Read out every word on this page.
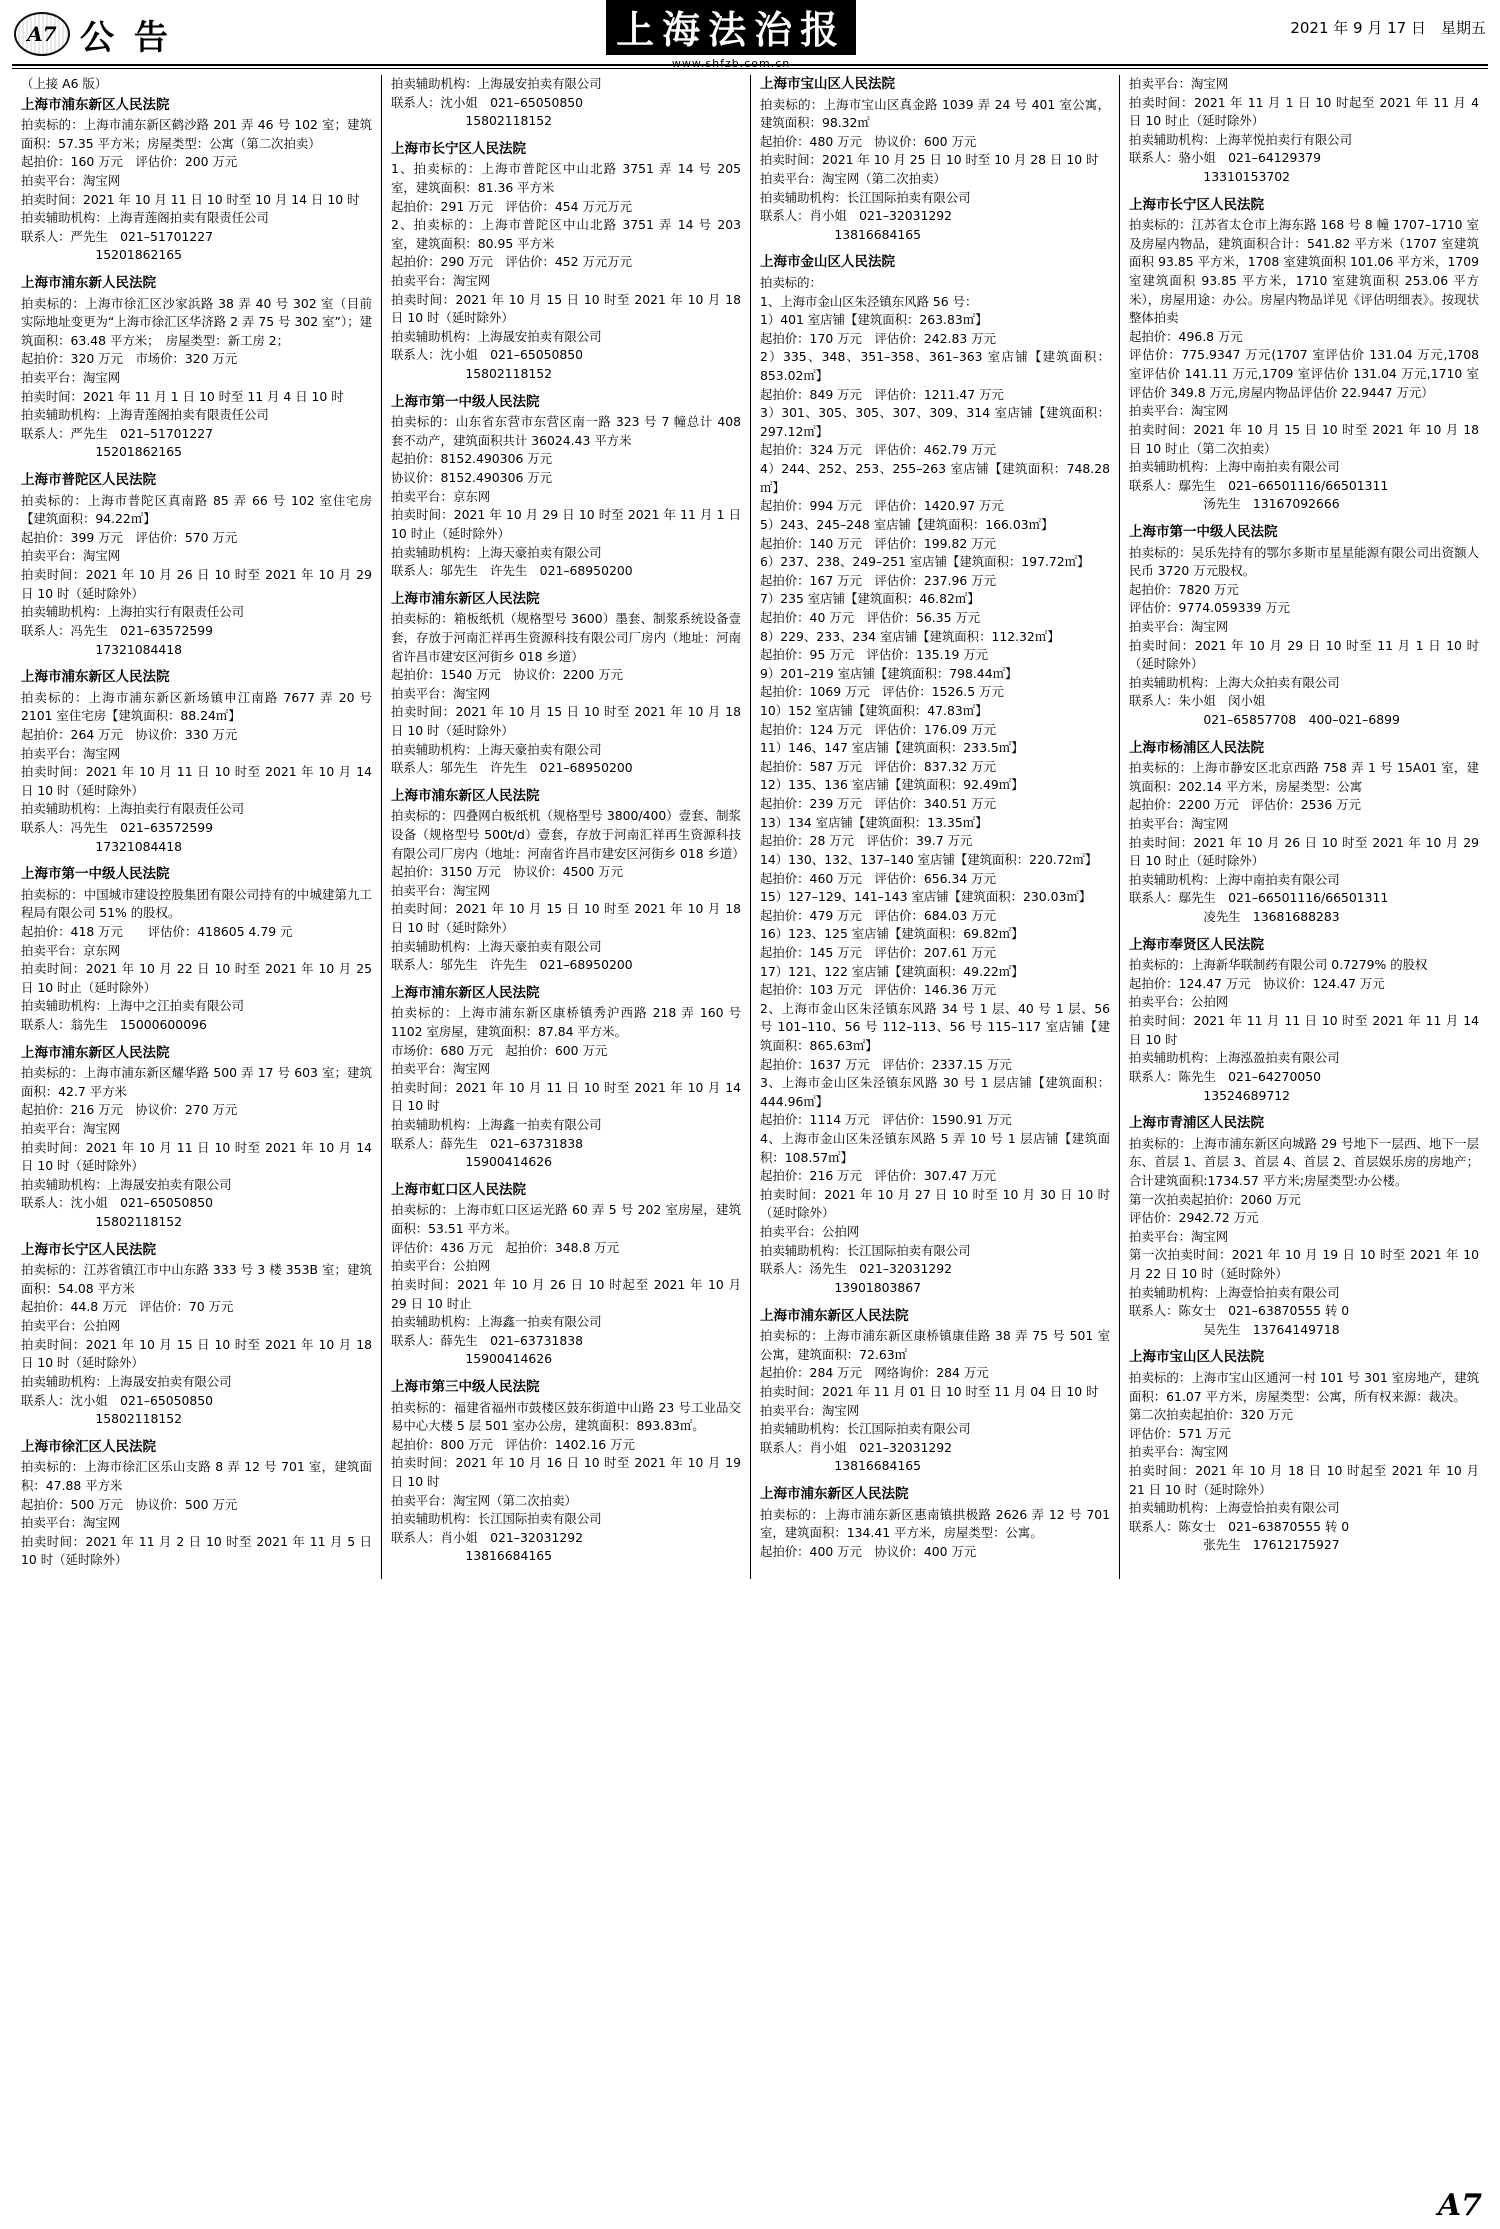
A7 公 告	上海法治报
www.shfzb.com.cn
2021 年 9 月 17 日　星期五

（上接 A6 版）

上海市浦东新区人民法院

拍卖标的：上海市浦东新区鹤沙路 201 弄 46 号 102 室；建筑面积：57.35 平方米；房屋类型：公寓（第二次拍卖）

起拍价：160 万元　评估价：200 万元

拍卖平台：淘宝网

拍卖时间：2021 年 10 月 11 日 10 时至 10 月 14 日 10 时

拍卖辅助机构：上海青莲阁拍卖有限责任公司

联系人：严先生　021–51701227

　　　　　　15201862165

上海市浦东新人民法院

拍卖标的：上海市徐汇区沙家浜路 38 弄 40 号 302 室（目前实际地址变更为“上海市徐汇区华济路 2 弄 75 号 302 室”）；建筑面积：63.48 平方米；　房屋类型：新工房 2；

起拍价：320 万元　市场价：320 万元

拍卖平台：淘宝网

拍卖时间：2021 年 11 月 1 日 10 时至 11 月 4 日 10 时

拍卖辅助机构：上海青莲阁拍卖有限责任公司

联系人：严先生　021–51701227

　　　　　　15201862165

上海市普陀区人民法院

拍卖标的：上海市普陀区真南路 85 弄 66 号 102 室住宅房【建筑面积：94.22㎡】

起拍价：399 万元　评估价：570 万元

拍卖平台：淘宝网

拍卖时间：2021 年 10 月 26 日 10 时至 2021 年 10 月 29 日 10 时（延时除外）

拍卖辅助机构：上海拍实行有限责任公司

联系人：冯先生　021–63572599

　　　　　　17321084418

上海市浦东新区人民法院

拍卖标的：上海市浦东新区新场镇申江南路 7677 弄 20 号 2101 室住宅房【建筑面积：88.24㎡】

起拍价：264 万元　协议价：330 万元

拍卖平台：淘宝网

拍卖时间：2021 年 10 月 11 日 10 时至 2021 年 10 月 14 日 10 时（延时除外）

拍卖辅助机构：上海拍卖行有限责任公司

联系人：冯先生　021–63572599

　　　　　　17321084418

上海市第一中级人民法院

拍卖标的：中国城市建设控股集团有限公司持有的中城建第九工程局有限公司 51% 的股权。

起拍价：418 万元　　评估价：418605 4.79 元

拍卖平台：京东网

拍卖时间：2021 年 10 月 22 日 10 时至 2021 年 10 月 25 日 10 时止（延时除外）

拍卖辅助机构：上海中之江拍卖有限公司

联系人：翁先生　15000600096

上海市浦东新区人民法院

拍卖标的：上海市浦东新区耀华路 500 弄 17 号 603 室；建筑面积：42.7 平方米

起拍价：216 万元　协议价：270 万元

拍卖平台：淘宝网

拍卖时间：2021 年 10 月 11 日 10 时至 2021 年 10 月 14 日 10 时（延时除外）

拍卖辅助机构：上海晟安拍卖有限公司

联系人：沈小姐　021–65050850

　　　　　　15802118152

上海市长宁区人民法院

拍卖标的：江苏省镇江市中山东路 333 号 3 楼 353B 室；建筑面积：54.08 平方米

起拍价：44.8 万元　评估价：70 万元

拍卖平台：公拍网

拍卖时间：2021 年 10 月 15 日 10 时至 2021 年 10 月 18 日 10 时（延时除外）

拍卖辅助机构：上海晟安拍卖有限公司

联系人：沈小姐　021–65050850

　　　　　　15802118152

上海市徐汇区人民法院

拍卖标的：上海市徐汇区乐山支路 8 弄 12 号 701 室，建筑面积：47.88 平方米

起拍价：500 万元　协议价：500 万元

拍卖平台：淘宝网

拍卖时间：2021 年 11 月 2 日 10 时至 2021 年 11 月 5 日 10 时（延时除外）

拍卖辅助机构：上海晟安拍卖有限公司

联系人：沈小姐　021–65050850

　　　　　　15802118152

上海市长宁区人民法院

1、拍卖标的：上海市普陀区中山北路 3751 弄 14 号 205 室，建筑面积：81.36 平方米

起拍价：291 万元　评估价：454 万元万元

2、拍卖标的：上海市普陀区中山北路 3751 弄 14 号 203 室，建筑面积：80.95 平方米

起拍价：290 万元　评估价：452 万元万元

拍卖平台：淘宝网

拍卖时间：2021 年 10 月 15 日 10 时至 2021 年 10 月 18 日 10 时（延时除外）

拍卖辅助机构：上海晟安拍卖有限公司

联系人：沈小姐　021–65050850

　　　　　　15802118152

上海市第一中级人民法院

拍卖标的：山东省东营市东营区南一路 323 号 7 幢总计 408 套不动产，建筑面积共计 36024.43 平方米

起拍价：8152.490306 万元

协议价：8152.490306 万元

拍卖平台：京东网

拍卖时间：2021 年 10 月 29 日 10 时至 2021 年 11 月 1 日 10 时止（延时除外）

拍卖辅助机构：上海天豪拍卖有限公司

联系人：邬先生　许先生　021–68950200

上海市浦东新区人民法院

拍卖标的：箱板纸机（规格型号 3600）墨套、制浆系统设备壹套，存放于河南汇祥再生资源科技有限公司厂房内（地址：河南省许昌市建安区河街乡 018 乡道）

起拍价：1540 万元　协议价：2200 万元

拍卖平台：淘宝网

拍卖时间：2021 年 10 月 15 日 10 时至 2021 年 10 月 18 日 10 时（延时除外）

拍卖辅助机构：上海天豪拍卖有限公司

联系人：邬先生　许先生　021–68950200

上海市浦东新区人民法院

拍卖标的：四叠网白板纸机（规格型号 3800/400）壹套、制浆设备（规格型号 500t/d）壹套，存放于河南汇祥再生资源科技有限公司厂房内（地址：河南省许昌市建安区河街乡 018 乡道）

起拍价：3150 万元　协议价：4500 万元

拍卖平台：淘宝网

拍卖时间：2021 年 10 月 15 日 10 时至 2021 年 10 月 18 日 10 时（延时除外）

拍卖辅助机构：上海天豪拍卖有限公司

联系人：邬先生　许先生　021–68950200

上海市浦东新区人民法院

拍卖标的：上海市浦东新区康桥镇秀沪西路 218 弄 160 号 1102 室房屋，建筑面积：87.84 平方米。

市场价：680 万元　起拍价：600 万元

拍卖平台：淘宝网

拍卖时间：2021 年 10 月 11 日 10 时至 2021 年 10 月 14 日 10 时

拍卖辅助机构：上海鑫一拍卖有限公司

联系人：薛先生　021–63731838

　　　　　　15900414626

上海市虹口区人民法院

拍卖标的：上海市虹口区运光路 60 弄 5 号 202 室房屋，建筑面积：53.51 平方米。

评估价：436 万元　起拍价：348.8 万元

拍卖平台：公拍网

拍卖时间：2021 年 10 月 26 日 10 时起至 2021 年 10 月 29 日 10 时止

拍卖辅助机构：上海鑫一拍卖有限公司

联系人：薛先生　021–63731838

　　　　　　15900414626

上海市第三中级人民法院

拍卖标的：福建省福州市鼓楼区鼓东街道中山路 23 号工业品交易中心大楼 5 层 501 室办公房，建筑面积：893.83㎡。

起拍价：800 万元　评估价：1402.16 万元

拍卖时间：2021 年 10 月 16 日 10 时至 2021 年 10 月 19 日 10 时

拍卖平台：淘宝网（第二次拍卖）

拍卖辅助机构：长江国际拍卖有限公司

联系人：肖小姐　021–32031292

　　　　　　13816684165

上海市宝山区人民法院

拍卖标的：上海市宝山区真金路 1039 弄 24 号 401 室公寓，建筑面积：98.32㎡

起拍价：480 万元　协议价：600 万元

拍卖时间：2021 年 10 月 25 日 10 时至 10 月 28 日 10 时

拍卖平台：淘宝网（第二次拍卖）

拍卖辅助机构：长江国际拍卖有限公司

联系人：肖小姐　021–32031292

　　　　　　13816684165

上海市金山区人民法院

拍卖标的：

1、上海市金山区朱泾镇东风路 56 号：

1）401 室店铺【建筑面积：263.83㎡】

起拍价：170 万元　评估价：242.83 万元

2）335、348、351–358、361–363 室店铺【建筑面积：853.02㎡】

起拍价：849 万元　评估价：1211.47 万元

3）301、305、305、307、309、314 室店铺【建筑面积：297.12㎡】

起拍价：324 万元　评估价：462.79 万元

4）244、252、253、255–263 室店铺【建筑面积：748.28㎡】

起拍价：994 万元　评估价：1420.97 万元

5）243、245–248 室店铺【建筑面积：166.03㎡】

起拍价：140 万元　评估价：199.82 万元

6）237、238、249–251 室店铺【建筑面积：197.72㎡】

起拍价：167 万元　评估价：237.96 万元

7）235 室店铺【建筑面积：46.82㎡】

起拍价：40 万元　评估价：56.35 万元

8）229、233、234 室店铺【建筑面积：112.32㎡】

起拍价：95 万元　评估价：135.19 万元

9）201–219 室店铺【建筑面积：798.44㎡】

起拍价：1069 万元　评估价：1526.5 万元

10）152 室店铺【建筑面积：47.83㎡】

起拍价：124 万元　评估价：176.09 万元

11）146、147 室店铺【建筑面积：233.5㎡】

起拍价：587 万元　评估价：837.32 万元

12）135、136 室店铺【建筑面积：92.49㎡】

起拍价：239 万元　评估价：340.51 万元

13）134 室店铺【建筑面积：13.35㎡】

起拍价：28 万元　评估价：39.7 万元

14）130、132、137–140 室店铺【建筑面积：220.72㎡】

起拍价：460 万元　评估价：656.34 万元

15）127–129、141–143 室店铺【建筑面积：230.03㎡】

起拍价：479 万元　评估价：684.03 万元

16）123、125 室店铺【建筑面积：69.82㎡】

起拍价：145 万元　评估价：207.61 万元

17）121、122 室店铺【建筑面积：49.22㎡】

起拍价：103 万元　评估价：146.36 万元

2、上海市金山区朱泾镇东风路 34 号 1 层、40 号 1 层、56 号 101–110、56 号 112–113、56 号 115–117 室店铺【建筑面积：865.63㎡】

起拍价：1637 万元　评估价：2337.15 万元

3、上海市金山区朱泾镇东风路 30 号 1 层店铺【建筑面积：444.96㎡】

起拍价：1114 万元　评估价：1590.91 万元

4、上海市金山区朱泾镇东风路 5 弄 10 号 1 层店铺【建筑面积：108.57㎡】

起拍价：216 万元　评估价：307.47 万元

拍卖时间：2021 年 10 月 27 日 10 时至 10 月 30 日 10 时（延时除外）

拍卖平台：公拍网

拍卖辅助机构：长江国际拍卖有限公司

联系人：汤先生　021–32031292

　　　　　　13901803867

上海市浦东新区人民法院

拍卖标的：上海市浦东新区康桥镇康佳路 38 弄 75 号 501 室公寓，建筑面积：72.63㎡

起拍价：284 万元　网络询价：284 万元

拍卖时间：2021 年 11 月 01 日 10 时至 11 月 04 日 10 时

拍卖平台：淘宝网

拍卖辅助机构：长江国际拍卖有限公司

联系人：肖小姐　021–32031292

　　　　　　13816684165

上海市浦东新区人民法院

拍卖标的：上海市浦东新区惠南镇拱极路 2626 弄 12 号 701 室，建筑面积：134.41 平方米，房屋类型：公寓。

起拍价：400 万元　协议价：400 万元

拍卖平台：淘宝网

拍卖时间：2021 年 11 月 1 日 10 时起至 2021 年 11 月 4 日 10 时止（延时除外）

拍卖辅助机构：上海苹悦拍卖行有限公司

联系人：骆小姐　021–64129379

　　　　　　13310153702

上海市长宁区人民法院

拍卖标的：江苏省太仓市上海东路 168 号 8 幢 1707–1710 室及房屋内物品，建筑面积合计：541.82 平方米（1707 室建筑面积 93.85 平方米，1708 室建筑面积 101.06 平方米，1709 室建筑面积 93.85 平方米，1710 室建筑面积 253.06 平方米），房屋用途：办公。房屋内物品详见《评估明细表》。按现状整体拍卖

起拍价：496.8 万元

评估价：775.9347 万元(1707 室评估价 131.04 万元,1708 室评估价 141.11 万元,1709 室评估价 131.04 万元,1710 室评估价 349.8 万元,房屋内物品评估价 22.9447 万元）

拍卖平台：淘宝网

拍卖时间：2021 年 10 月 15 日 10 时至 2021 年 10 月 18 日 10 时止（第二次拍卖）

拍卖辅助机构：上海中南拍卖有限公司

联系人：鄢先生　021–66501116/66501311

　　　　　　汤先生　13167092666

上海市第一中级人民法院

拍卖标的：吴乐先持有的鄂尔多斯市星星能源有限公司出资额人民币 3720 万元股权。

起拍价：7820 万元

评估价：9774.059339 万元

拍卖平台：淘宝网

拍卖时间：2021 年 10 月 29 日 10 时至 11 月 1 日 10 时（延时除外）

拍卖辅助机构：上海大众拍卖有限公司

联系人：朱小姐　闵小姐

　　　　　　021–65857708　400–021–6899

上海市杨浦区人民法院

拍卖标的：上海市静安区北京西路 758 弄 1 号 15A01 室，建筑面积：202.14 平方米，房屋类型：公寓

起拍价：2200 万元　评估价：2536 万元

拍卖平台：淘宝网

拍卖时间：2021 年 10 月 26 日 10 时至 2021 年 10 月 29 日 10 时止（延时除外）

拍卖辅助机构：上海中南拍卖有限公司

联系人：鄢先生　021–66501116/66501311

　　　　　　凌先生　13681688283

上海市奉贤区人民法院

拍卖标的：上海新华联制药有限公司 0.7279% 的股权

起拍价：124.47 万元　协议价：124.47 万元

拍卖平台：公拍网

拍卖时间：2021 年 11 月 11 日 10 时至 2021 年 11 月 14 日 10 时

拍卖辅助机构：上海泓盈拍卖有限公司

联系人：陈先生　021–64270050

　　　　　　13524689712

上海市青浦区人民法院

拍卖标的：上海市浦东新区向城路 29 号地下一层西、地下一层东、首层 1、首层 3、首层 4、首层 2、首层娱乐房的房地产；合计建筑面积:1734.57 平方米;房屋类型:办公楼。

第一次拍卖起拍价：2060 万元

评估价：2942.72 万元

拍卖平台：淘宝网

第一次拍卖时间：2021 年 10 月 19 日 10 时至 2021 年 10 月 22 日 10 时（延时除外）

拍卖辅助机构：上海壹恰拍卖有限公司

联系人：陈女士　021–63870555 转 0

　　　　　　吴先生　13764149718

上海市宝山区人民法院

拍卖标的：上海市宝山区通河一村 101 号 301 室房地产，建筑面积：61.07 平方米，房屋类型：公寓，所有权来源：裁决。

第二次拍卖起拍价：320 万元

评估价：571 万元

拍卖平台：淘宝网

拍卖时间：2021 年 10 月 18 日 10 时起至 2021 年 10 月 21 日 10 时（延时除外）

拍卖辅助机构：上海壹恰拍卖有限公司

联系人：陈女士　021–63870555 转 0

　　　　　　张先生　17612175927

A7
